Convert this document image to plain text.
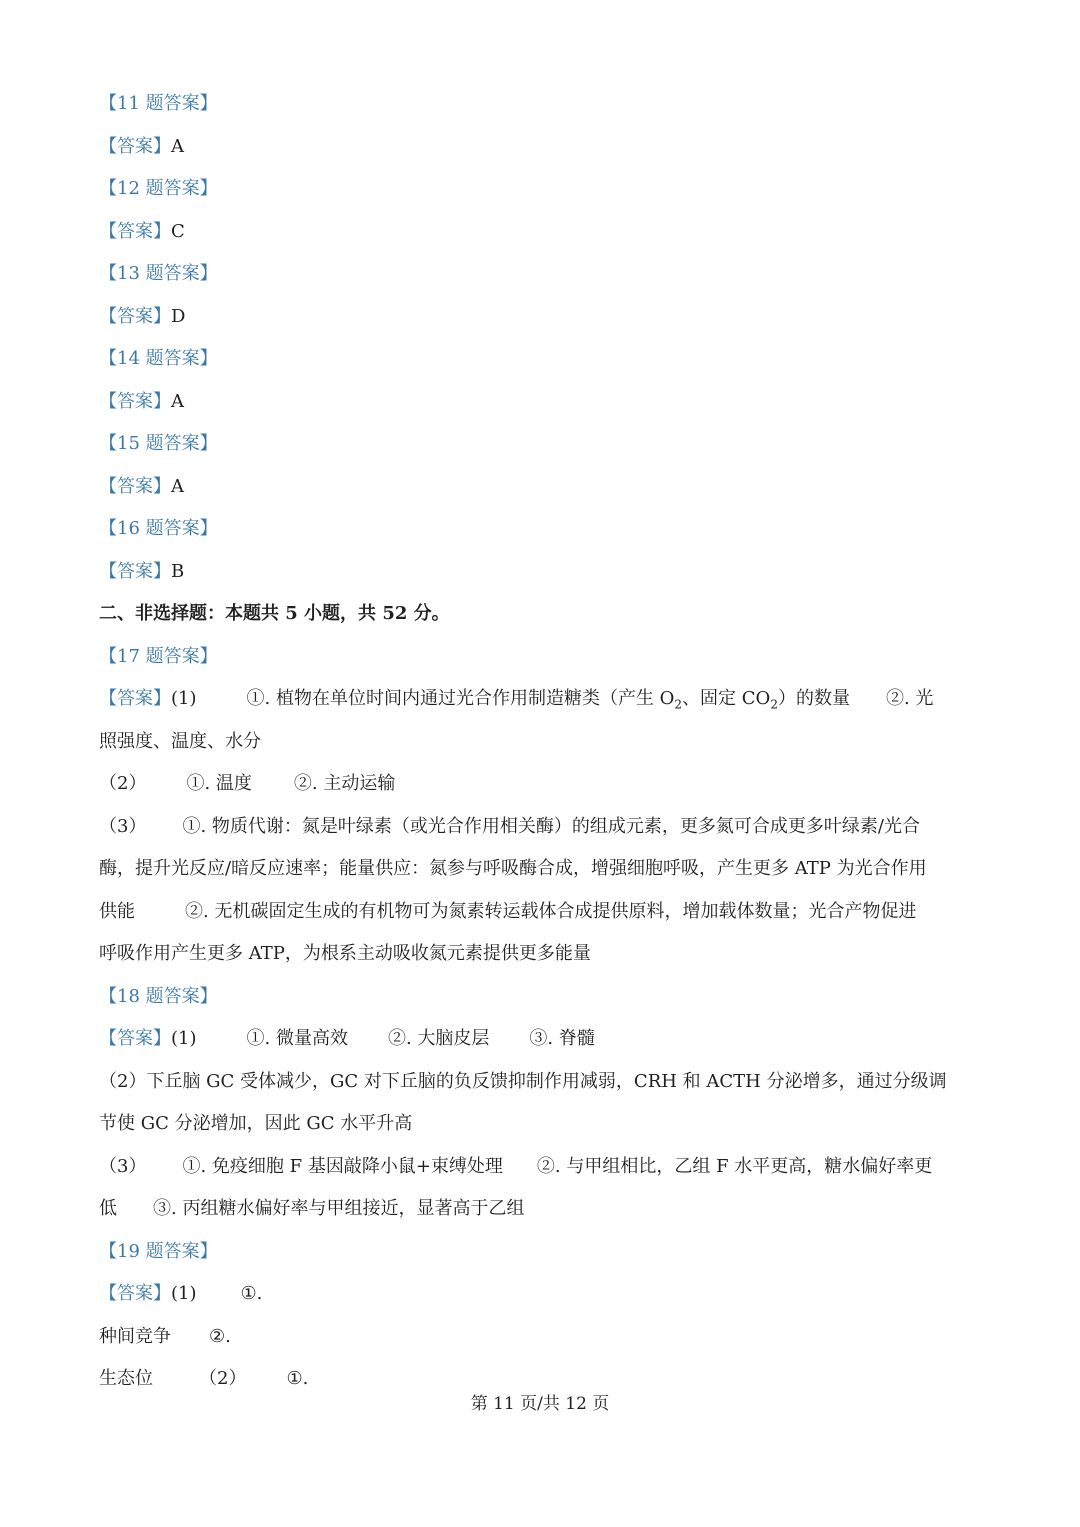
【11 题答案】
【答案】A
【12 题答案】
【答案】C
【13 题答案】
【答案】D
【14 题答案】
【答案】A
【15 题答案】
【答案】A
【16 题答案】
【答案】B
二、非选择题：本题共 5 小题，共 52 分。
【17 题答案】
【答案】(1)	①. 植物在单位时间内通过光合作用制造糖类（产生 $O_2$、固定 $CO_2$）的数量 ②. 光
照强度、温度、水分
（2） ①. 温度 ②. 主动运输
（3） ①. 物质代谢：氮是叶绿素（或光合作用相关酶）的组成元素，更多氮可合成更多叶绿素/光合
酶，提升光反应/暗反应速率；能量供应：氮参与呼吸酶合成，增强细胞呼吸，产生更多 ATP 为光合作用
供能	②. 无机碳固定生成的有机物可为氮素转运载体合成提供原料，增加载体数量；光合产物促进
呼吸作用产生更多 ATP，为根系主动吸收氮元素提供更多能量
【18 题答案】
【答案】(1)	①. 微量高效 ②. 大脑皮层 ③. 脊髓
（2）下丘脑 GC 受体减少，GC 对下丘脑的负反馈抑制作用减弱，CRH 和 ACTH 分泌增多，通过分级调
节使 GC 分泌增加，因此 GC 水平升高
（3） ①. 免疫细胞 F 基因敲降小鼠+束缚处理 ②. 与甲组相比，乙组 F 水平更高，糖水偏好率更
低 ③. 丙组糖水偏好率与甲组接近，显著高于乙组
【19 题答案】
【答案】(1) ①.
种间竞争 ②.
生态位	（2） ①.
第 11 页/共 12 页
